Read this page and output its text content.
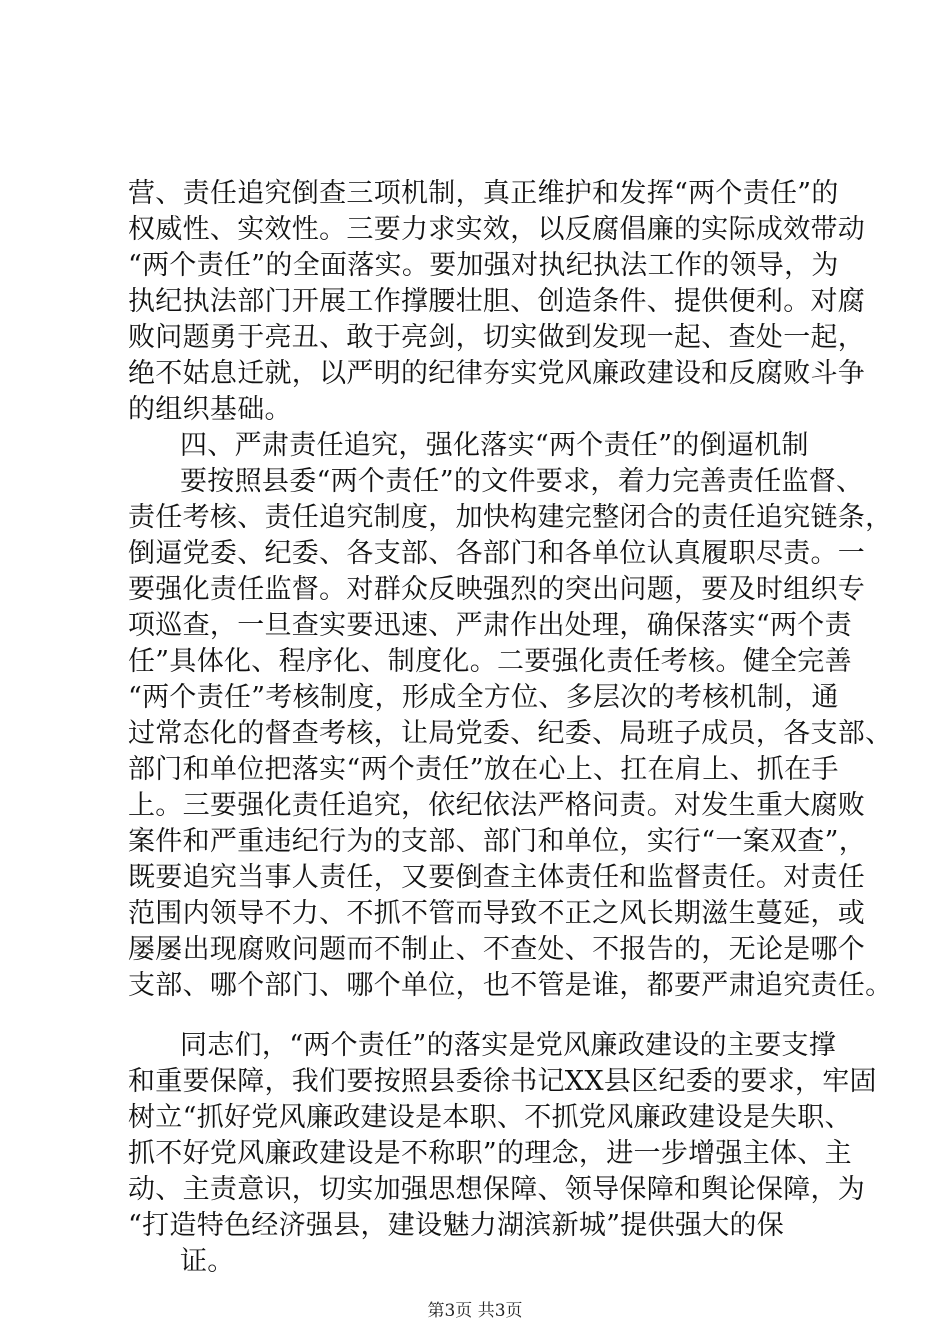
营、责任追究倒查三项机制，真正维护和发挥“两个责任”的
权威性、实效性。三要力求实效，以反腐倡廉的实际成效带动
“两个责任”的全面落实。要加强对执纪执法工作的领导，为
执纪执法部门开展工作撑腰壮胆、创造条件、提供便利。对腐
败问题勇于亮丑、敢于亮剑，切实做到发现一起、查处一起，
绝不姑息迁就，以严明的纪律夯实党风廉政建设和反腐败斗争
的组织基础。
四、严肃责任追究，强化落实“两个责任”的倒逼机制
要按照县委“两个责任”的文件要求，着力完善责任监督、
责任考核、责任追究制度，加快构建完整闭合的责任追究链条，
倒逼党委、纪委、各支部、各部门和各单位认真履职尽责。一
要强化责任监督。对群众反映强烈的突出问题，要及时组织专
项巡查，一旦查实要迅速、严肃作出处理，确保落实“两个责
任”具体化、程序化、制度化。二要强化责任考核。健全完善
“两个责任”考核制度，形成全方位、多层次的考核机制，通
过常态化的督查考核，让局党委、纪委、局班子成员，各支部、
部门和单位把落实“两个责任”放在心上、扛在肩上、抓在手
上。三要强化责任追究，依纪依法严格问责。对发生重大腐败
案件和严重违纪行为的支部、部门和单位，实行“一案双查”，
既要追究当事人责任，又要倒查主体责任和监督责任。对责任
范围内领导不力、不抓不管而导致不正之风长期滋生蔓延，或
屡屡出现腐败问题而不制止、不查处、不报告的，无论是哪个
支部、哪个部门、哪个单位，也不管是谁，都要严肃追究责任。
同志们，“两个责任”的落实是党风廉政建设的主要支撑
和重要保障，我们要按照县委徐书记XX县区纪委的要求，牢固
树立“抓好党风廉政建设是本职、不抓党风廉政建设是失职、
抓不好党风廉政建设是不称职”的理念，进一步增强主体、主
动、主责意识，切实加强思想保障、领导保障和舆论保障，为
“打造特色经济强县，建设魅力湖滨新城”提供强大的保
证。
第3页 共3页
